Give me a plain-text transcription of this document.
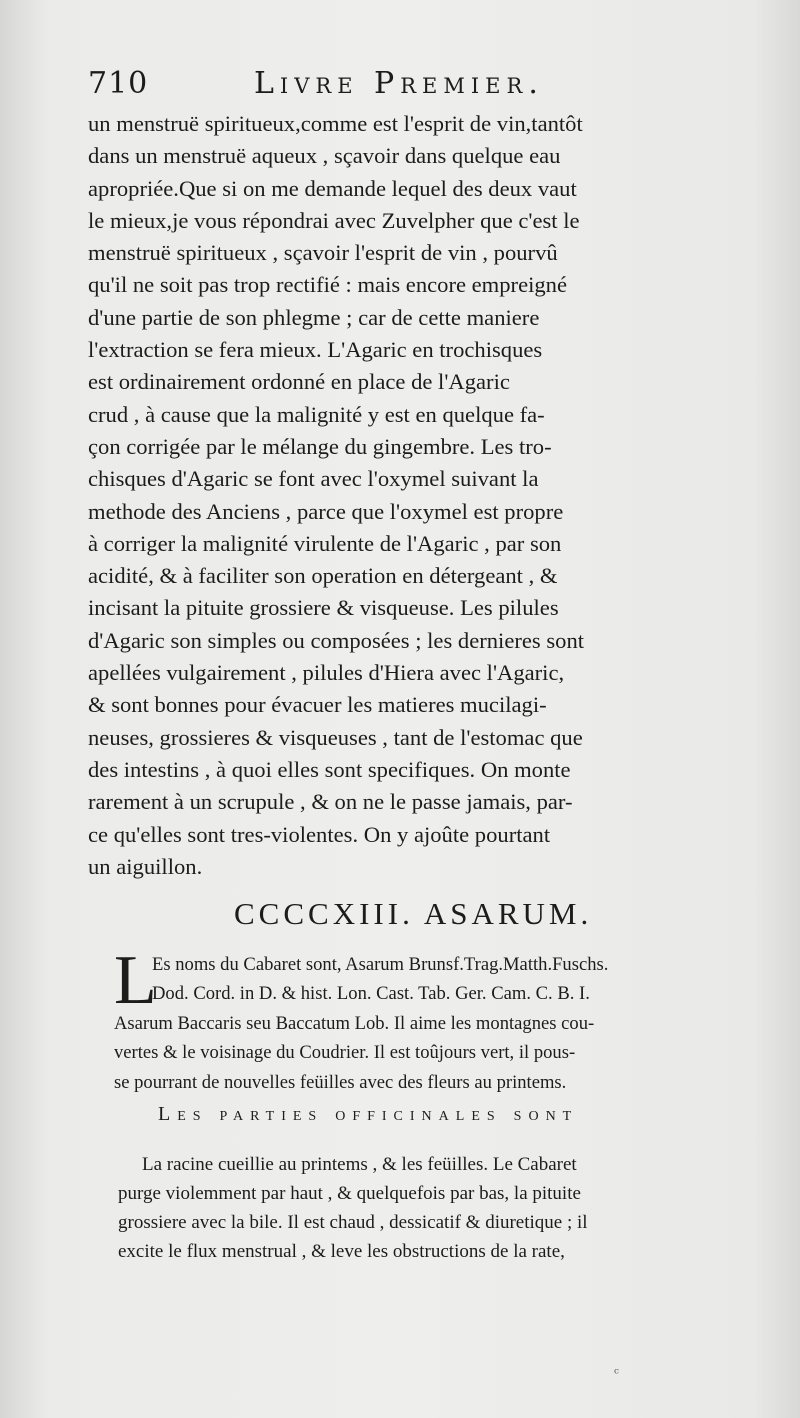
710	Livre Premier.
un menstruë spiritueux,comme est l'esprit de vin,tantôt
dans un menstruë aqueux , sçavoir dans quelque eau
apropriée.Que si on me demande lequel des deux vaut
le mieux,je vous répondrai avec Zuvelpher que c'est le
menstruë spiritueux , sçavoir l'esprit de vin , pourvû
qu'il ne soit pas trop rectifié : mais encore empreigné
d'une partie de son phlegme ; car de cette maniere
l'extraction se fera mieux. L'Agaric en trochisques
est ordinairement ordonné en place de l'Agaric
crud , à cause que la malignité y est en quelque fa-
çon corrigée par le mélange du gingembre. Les tro-
chisques d'Agaric se font avec l'oxymel suivant la
methode des Anciens , parce que l'oxymel est propre
à corriger la malignité virulente de l'Agaric , par son
acidité, & à faciliter son operation en détergeant , &
incisant la pituite grossiere & visqueuse. Les pilules
d'Agaric son simples ou composées ; les dernieres sont
apellées vulgairement , pilules d'Hiera avec l'Agaric,
& sont bonnes pour évacuer les matieres mucilagi-
neuses, grossieres & visqueuses , tant de l'estomac que
des intestins , à quoi elles sont specifiques. On monte
rarement à un scrupule , & on ne le passe jamais, par-
ce qu'elles sont tres-violentes. On y ajoûte pourtant
un aiguillon.
CCCCXIII. ASARUM.
L
Es noms du Cabaret sont, Asarum Brunsf.Trag.Matth.Fuschs.
Dod. Cord. in D. & hist. Lon. Cast. Tab. Ger. Cam. C. B. I.
Asarum Baccaris seu Baccatum Lob. Il aime les montagnes cou-
vertes & le voisinage du Coudrier. Il est toûjours vert, il pous-
se pourrant de nouvelles feüilles avec des fleurs au printems.
Les parties officinales sont
La racine cueillie au printems , & les feüilles. Le Cabaret
purge violemment par haut , & quelquefois par bas, la pituite
grossiere avec la bile. Il est chaud , dessicatif & diuretique ; il
excite le flux menstrual , & leve les obstructions de la rate,
ᶜ
